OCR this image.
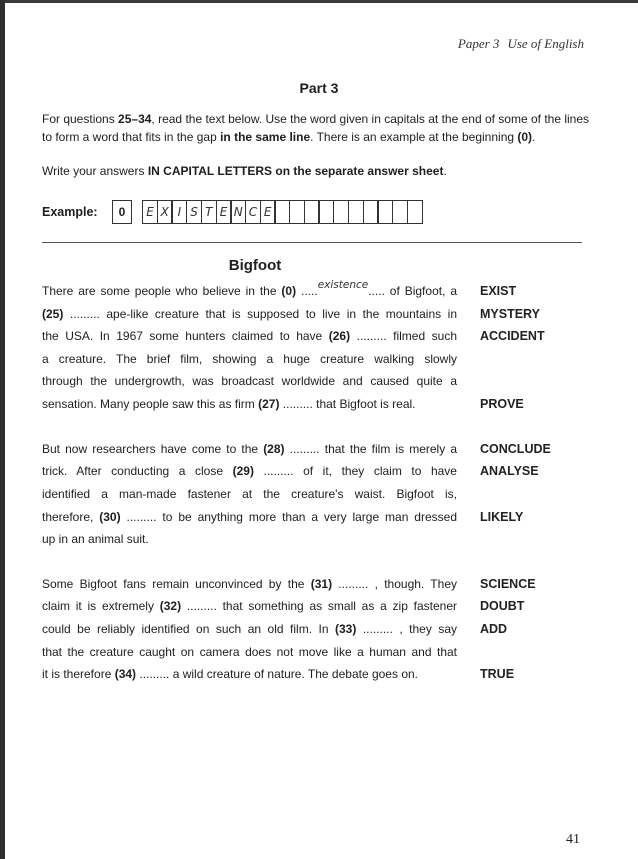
Paper 3 Use of English
Part 3
For questions 25–34, read the text below. Use the word given in capitals at the end of some of the lines to form a word that fits in the gap in the same line. There is an example at the beginning (0).
Write your answers IN CAPITAL LETTERS on the separate answer sheet.
Example:	0	E X I S T E N C E
Bigfoot
There are some people who believe in the (0) .....existence..... of Bigfoot, a EXIST
(25) ......... ape-like creature that is supposed to live in the mountains in MYSTERY
the USA. In 1967 some hunters claimed to have (26) ......... filmed such ACCIDENT
a creature. The brief film, showing a huge creature walking slowly
through the undergrowth, was broadcast worldwide and caused quite a
sensation. Many people saw this as firm (27) ......... that Bigfoot is real.	PROVE
But now researchers have come to the (28) ......... that the film is merely a CONCLUDE
trick. After conducting a close (29) ......... of it, they claim to have ANALYSE
identified a man-made fastener at the creature's waist. Bigfoot is,
therefore, (30) ......... to be anything more than a very large man dressed LIKELY
up in an animal suit.
Some Bigfoot fans remain unconvinced by the (31) ......... , though. They SCIENCE
claim it is extremely (32) ......... that something as small as a zip fastener DOUBT
could be reliably identified on such an old film. In (33) ......... , they say ADD
that the creature caught on camera does not move like a human and that
it is therefore (34) ......... a wild creature of nature. The debate goes on.	TRUE
41
